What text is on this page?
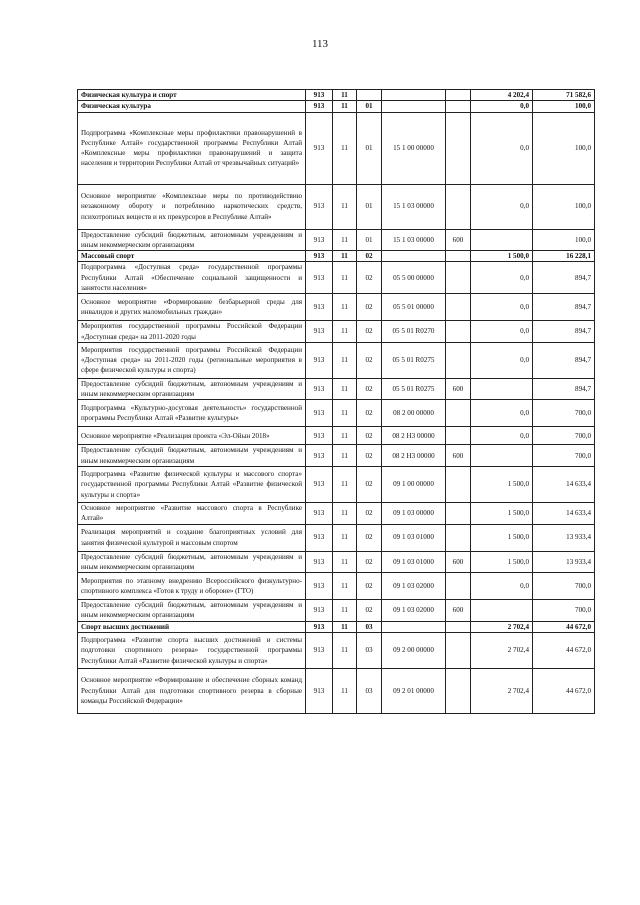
113
Физическая культура и спорт	913	11				4 202,4	71 582,6
Физическая культура	913	11	01			0,0	100,0
Подпрограмма «Комплексные меры профилактики правонарушений в Республике Алтай» государственной программы Республики Алтай «Комплексные меры профилактики правонарушений и защита населения и территории Республики Алтай от чрезвычайных ситуаций»	913	11	01	15 1 00 00000		0,0	100,0
Основное мероприятие «Комплексные меры по противодействию незаконному обороту и потреблению наркотических средств, психотропных веществ и их прекурсоров в Республике Алтай»	913	11	01	15 1 03 00000		0,0	100,0
Предоставление субсидий бюджетным, автономным учреждениям и иным некоммерческим организациям	913	11	01	15 1 03 00000	600		100,0
Массовый спорт	913	11	02			1 500,0	16 228,1
Подпрограмма «Доступная среда» государственной программы Республики Алтай «Обеспечение социальной защищенности и занятости населения»	913	11	02	05 5 00 00000		0,0	894,7
Основное мероприятие «Формирование безбарьерной среды для инвалидов и других маломобильных граждан»	913	11	02	05 5 01 00000		0,0	894,7
Мероприятия государственной программы Российской Федерации «Доступная среда» на 2011-2020 годы	913	11	02	05 5 01 R0270		0,0	894,7
Мероприятия государственной программы Российской Федерации «Доступная среда» на 2011-2020 годы (региональные мероприятия в сфере физической культуры и спорта)	913	11	02	05 5 01 R0275		0,0	894,7
Предоставление субсидий бюджетным, автономным учреждениям и иным некоммерческим организациям	913	11	02	05 5 01 R0275	600		894,7
Подпрограмма «Культурно-досуговая деятельность» государственной программы Республики Алтай «Развитие культуры»	913	11	02	08 2 00 00000		0,0	700,0
Основное мероприятие «Реализация проекта «Эл-Ойын 2018»	913	11	02	08 2 Н3 00000		0,0	700,0
Предоставление субсидий бюджетным, автономным учреждениям и иным некоммерческим организациям	913	11	02	08 2 Н3 00000	600		700,0
Подпрограмма «Развитие физической культуры и массового спорта» государственной программы Республики Алтай «Развитие физической культуры и спорта»	913	11	02	09 1 00 00000		1 500,0	14 633,4
Основное мероприятие «Развитие массового спорта в Республике Алтай»	913	11	02	09 1 03 00000		1 500,0	14 633,4
Реализация мероприятий и создание благоприятных условий для занятия физической культурой и массовым спортом	913	11	02	09 1 03 01000		1 500,0	13 933,4
Предоставление субсидий бюджетным, автономным учреждениям и иным некоммерческим организациям	913	11	02	09 1 03 01000	600	1 500,0	13 933,4
Мероприятия по этапному внедрению Всероссийского физкультурно-спортивного комплекса «Готов к труду и обороне» (ГТО)	913	11	02	09 1 03 02000		0,0	700,0
Предоставление субсидий бюджетным, автономным учреждениям и иным некоммерческим организациям	913	11	02	09 1 03 02000	600		700,0
Спорт высших достижений	913	11	03			2 702,4	44 672,0
Подпрограмма «Развитие спорта высших достижений и системы подготовки спортивного резерва» государственной программы Республики Алтай «Развитие физической культуры и спорта»	913	11	03	09 2 00 00000		2 702,4	44 672,0
Основное мероприятие «Формирование и обеспечение сборных команд Республики Алтай для подготовки спортивного резерва в сборные команды Российской Федерации»	913	11	03	09 2 01 00000		2 702,4	44 672,0
